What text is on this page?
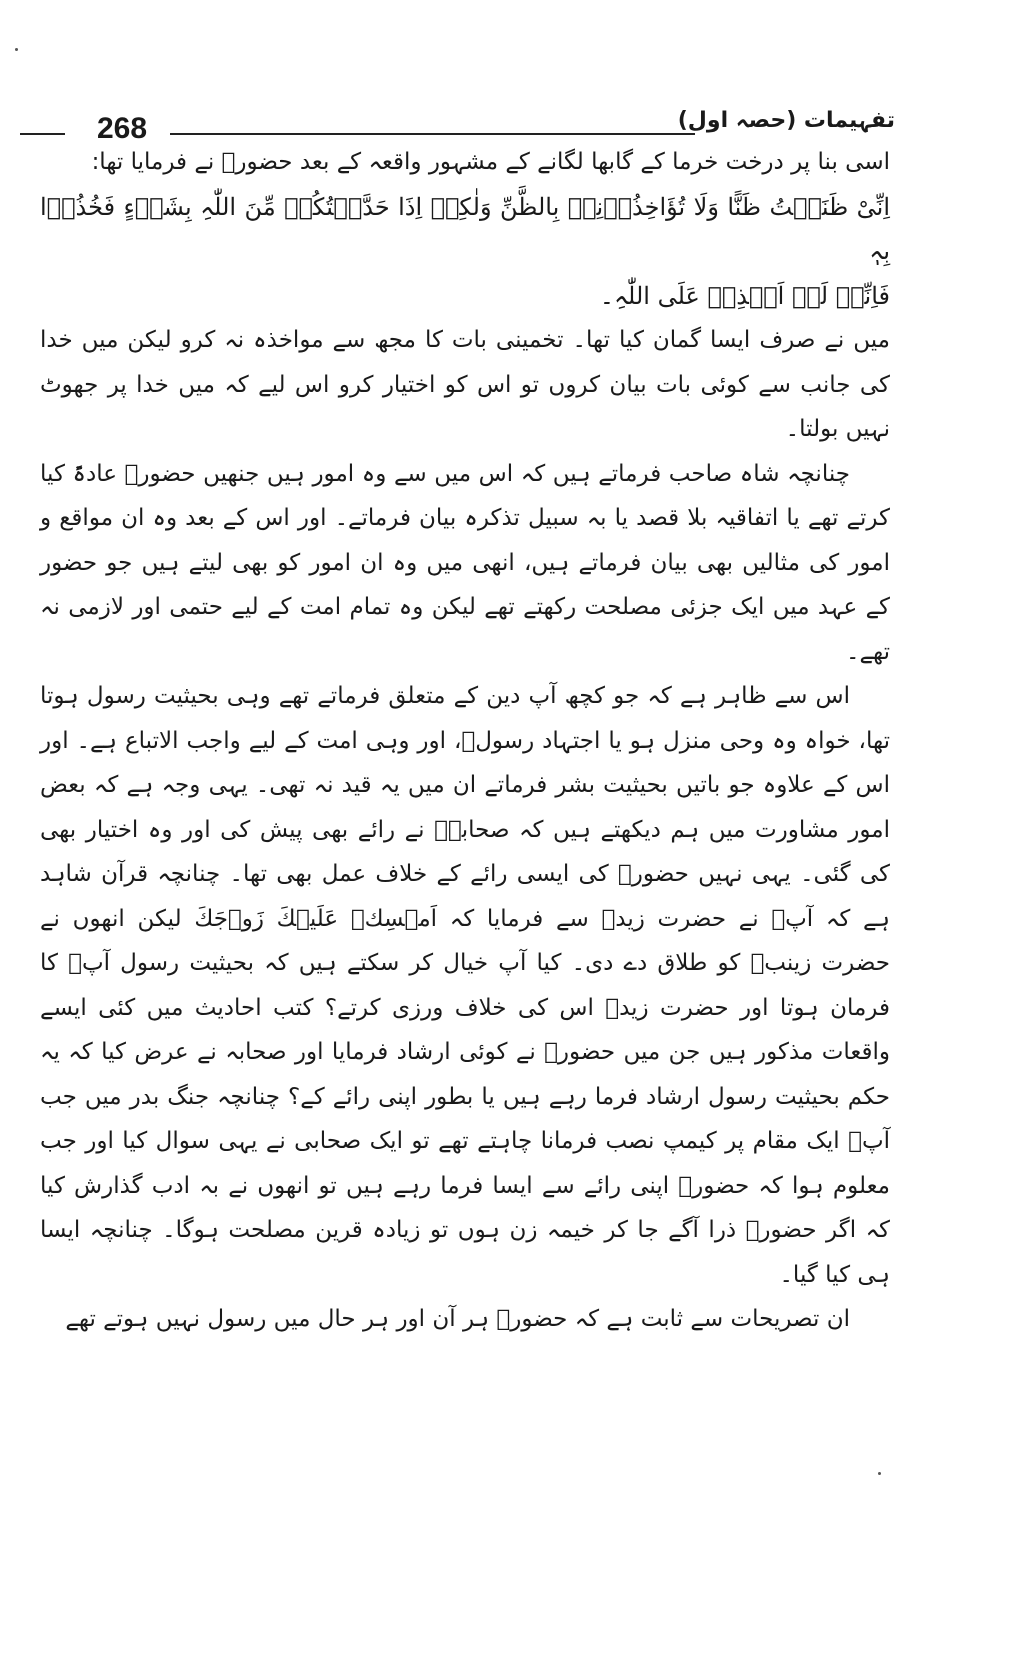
268	تفہیمات (حصہ اول)

اسی بنا پر درخت خرما کے گابھا لگانے کے مشہور واقعہ کے بعد حضورؐ نے فرمایا تھا:

اِنِّیْ ظَنَنۡتُ ظَنًّا وَلَا تُؤَاخِذُوۡنِیۡ بِالظَّنِّ وَلٰكِنۡ اِذَا حَدَّثۡتُكُمۡ مِّنَ اللّٰہِ بِشَیۡءٍ فَخُذُوۡا بِہٖ
فَاِنِّیۡ لَمۡ اَکۡذِبۡ عَلَی اللّٰہِ۔

میں نے صرف ایسا گمان کیا تھا۔ تخمینی بات کا مجھ سے مواخذہ نہ کرو لیکن میں خدا کی جانب سے کوئی بات بیان کروں تو اس کو اختیار کرو اس لیے کہ میں خدا پر جھوٹ نہیں بولتا۔

چنانچہ شاہ صاحب فرماتے ہیں کہ اس میں سے وہ امور ہیں جنھیں حضورؐ عادۃً کیا کرتے تھے یا اتفاقیہ بلا قصد یا بہ سبیل تذکرہ بیان فرماتے۔ اور اس کے بعد وہ ان مواقع و امور کی مثالیں بھی بیان فرماتے ہیں، انھی میں وہ ان امور کو بھی لیتے ہیں جو حضور کے عہد میں ایک جزئی مصلحت رکھتے تھے لیکن وہ تمام امت کے لیے حتمی اور لازمی نہ تھے۔

اس سے ظاہر ہے کہ جو کچھ آپ دین کے متعلق فرماتے تھے وہی بحیثیت رسول ہوتا تھا، خواہ وہ وحی منزل ہو یا اجتہاد رسولؐ، اور وہی امت کے لیے واجب الاتباع ہے۔ اور اس کے علاوہ جو باتیں بحیثیت بشر فرماتے ان میں یہ قید نہ تھی۔ یہی وجہ ہے کہ بعض امور مشاورت میں ہم دیکھتے ہیں کہ صحابہؓ نے رائے بھی پیش کی اور وہ اختیار بھی کی گئی۔ یہی نہیں حضورؐ کی ایسی رائے کے خلاف عمل بھی تھا۔ چنانچہ قرآن شاہد ہے کہ آپؐ نے حضرت زیدؓ سے فرمایا کہ اَمۡسِكۡ عَلَيۡكَ زَوۡجَكَ لیکن انھوں نے حضرت زینبؓ کو طلاق دے دی۔ کیا آپ خیال کر سکتے ہیں کہ بحیثیت رسول آپؐ کا فرمان ہوتا اور حضرت زیدؓ اس کی خلاف ورزی کرتے؟ کتب احادیث میں کئی ایسے واقعات مذکور ہیں جن میں حضورؐ نے کوئی ارشاد فرمایا اور صحابہ نے عرض کیا کہ یہ حکم بحیثیت رسول ارشاد فرما رہے ہیں یا بطور اپنی رائے کے؟ چنانچہ جنگ بدر میں جب آپؐ ایک مقام پر کیمپ نصب فرمانا چاہتے تھے تو ایک صحابی نے یہی سوال کیا اور جب معلوم ہوا کہ حضورؐ اپنی رائے سے ایسا فرما رہے ہیں تو انھوں نے بہ ادب گذارش کیا کہ اگر حضورؐ ذرا آگے جا کر خیمہ زن ہوں تو زیادہ قرین مصلحت ہوگا۔ چنانچہ ایسا ہی کیا گیا۔

ان تصریحات سے ثابت ہے کہ حضورؐ ہر آن اور ہر حال میں رسول نہیں ہوتے تھے
